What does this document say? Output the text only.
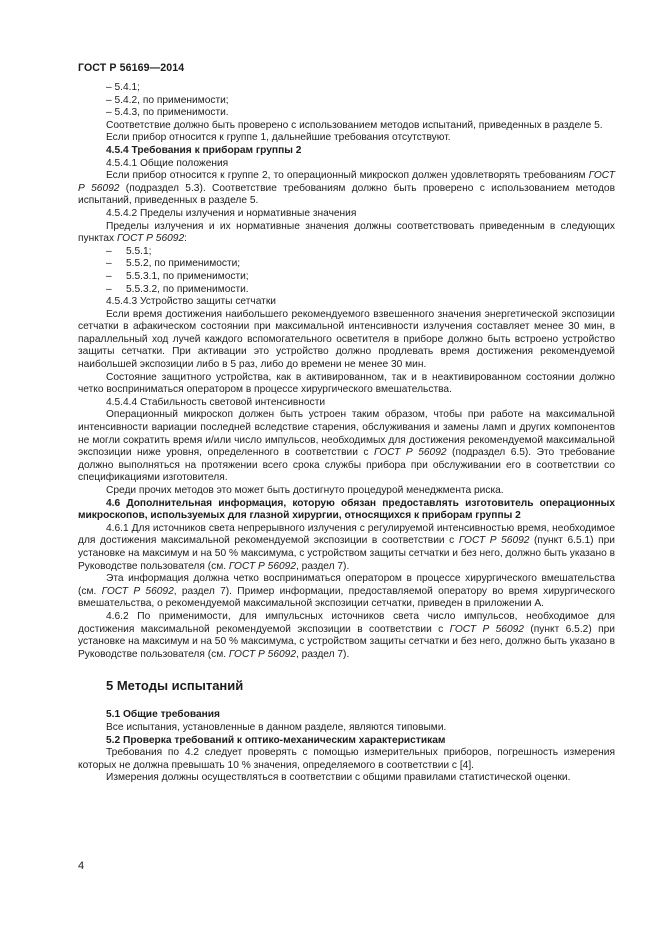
ГОСТ Р 56169—2014

– 5.4.1;

– 5.4.2, по применимости;

– 5.4.3, по применимости.

Соответствие должно быть проверено с использованием методов испытаний, приведенных в разделе 5.

Если прибор относится к группе 1, дальнейшие требования отсутствуют.

4.5.4 Требования к приборам группы 2

4.5.4.1 Общие положения

Если прибор относится к группе 2, то операционный микроскоп должен удовлетворять требованиям ГОСТ Р 56092 (подраздел 5.3). Соответствие требованиям должно быть проверено с использованием методов испытаний, приведенных в разделе 5.

4.5.4.2 Пределы излучения и нормативные значения

Пределы излучения и их нормативные значения должны соответствовать приведенным в следующих пунктах ГОСТ Р 56092:

– 5.5.1;

– 5.5.2, по применимости;

– 5.5.3.1, по применимости;

– 5.5.3.2, по применимости.

4.5.4.3 Устройство защиты сетчатки

Если время достижения наибольшего рекомендуемого взвешенного значения энергетической экспозиции сетчатки в афакическом состоянии при максимальной интенсивности излучения составляет менее 30 мин, в параллельный ход лучей каждого вспомогательного осветителя в приборе должно быть встроено устройство защиты сетчатки. При активации это устройство должно продлевать время достижения рекомендуемой наибольшей экспозиции либо в 5 раз, либо до времени не менее 30 мин.

Состояние защитного устройства, как в активированном, так и в неактивированном состоянии должно четко восприниматься оператором в процессе хирургического вмешательства.

4.5.4.4 Стабильность световой интенсивности

Операционный микроскоп должен быть устроен таким образом, чтобы при работе на максимальной интенсивности вариации последней вследствие старения, обслуживания и замены ламп и других компонентов не могли сократить время и/или число импульсов, необходимых для достижения рекомендуемой максимальной экспозиции ниже уровня, определенного в соответствии с ГОСТ Р 56092 (подраздел 6.5). Это требование должно выполняться на протяжении всего срока службы прибора при обслуживании его в соответствии со спецификациями изготовителя.

Среди прочих методов это может быть достигнуто процедурой менеджмента риска.

4.6 Дополнительная информация, которую обязан предоставлять изготовитель операционных микроскопов, используемых для глазной хирургии, относящихся к приборам группы 2

4.6.1 Для источников света непрерывного излучения с регулируемой интенсивностью время, необходимое для достижения максимальной рекомендуемой экспозиции в соответствии с ГОСТ Р 56092 (пункт 6.5.1) при установке на максимум и на 50 % максимума, с устройством защиты сетчатки и без него, должно быть указано в Руководстве пользователя (см. ГОСТ Р 56092, раздел 7).

Эта информация должна четко восприниматься оператором в процессе хирургического вмешательства (см. ГОСТ Р 56092, раздел 7). Пример информации, предоставляемой оператору во время хирургического вмешательства, о рекомендуемой максимальной экспозиции сетчатки, приведен в приложении А.

4.6.2 По применимости, для импульсных источников света число импульсов, необходимое для достижения максимальной рекомендуемой экспозиции в соответствии с ГОСТ Р 56092 (пункт 6.5.2) при установке на максимум и на 50 % максимума, с устройством защиты сетчатки и без него, должно быть указано в Руководстве пользователя (см. ГОСТ Р 56092, раздел 7).

5 Методы испытаний

5.1 Общие требования

Все испытания, установленные в данном разделе, являются типовыми.

5.2 Проверка требований к оптико-механическим характеристикам

Требования по 4.2 следует проверять с помощью измерительных приборов, погрешность измерения которых не должна превышать 10 % значения, определяемого в соответствии с [4].

Измерения должны осуществляться в соответствии с общими правилами статистической оценки.

4
